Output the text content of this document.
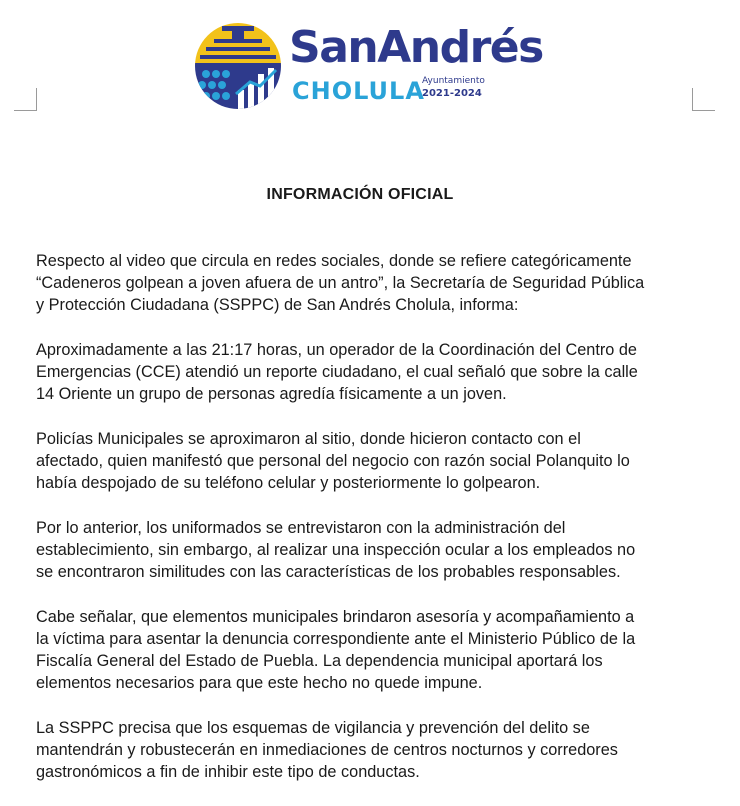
SanAndrés
CHOLULA
Ayuntamiento
2021-2024
INFORMACIÓN OFICIAL

Respecto al video que circula en redes sociales, donde se refiere categóricamente
“Cadeneros golpean a joven afuera de un antro”, la Secretaría de Seguridad Pública
y Protección Ciudadana (SSPPC) de San Andrés Cholula, informa:

Aproximadamente a las 21:17 horas, un operador de la Coordinación del Centro de
Emergencias (CCE) atendió un reporte ciudadano, el cual señaló que sobre la calle
14 Oriente un grupo de personas agredía físicamente a un joven.

Policías Municipales se aproximaron al sitio, donde hicieron contacto con el
afectado, quien manifestó que personal del negocio con razón social Polanquito lo
había despojado de su teléfono celular y posteriormente lo golpearon.

Por lo anterior, los uniformados se entrevistaron con la administración del
establecimiento, sin embargo, al realizar una inspección ocular a los empleados no
se encontraron similitudes con las características de los probables responsables.

Cabe señalar, que elementos municipales brindaron asesoría y acompañamiento a
la víctima para asentar la denuncia correspondiente ante el Ministerio Público de la
Fiscalía General del Estado de Puebla. La dependencia municipal aportará los
elementos necesarios para que este hecho no quede impune.

La SSPPC precisa que los esquemas de vigilancia y prevención del delito se
mantendrán y robustecerán en inmediaciones de centros nocturnos y corredores
gastronómicos a fin de inhibir este tipo de conductas.
